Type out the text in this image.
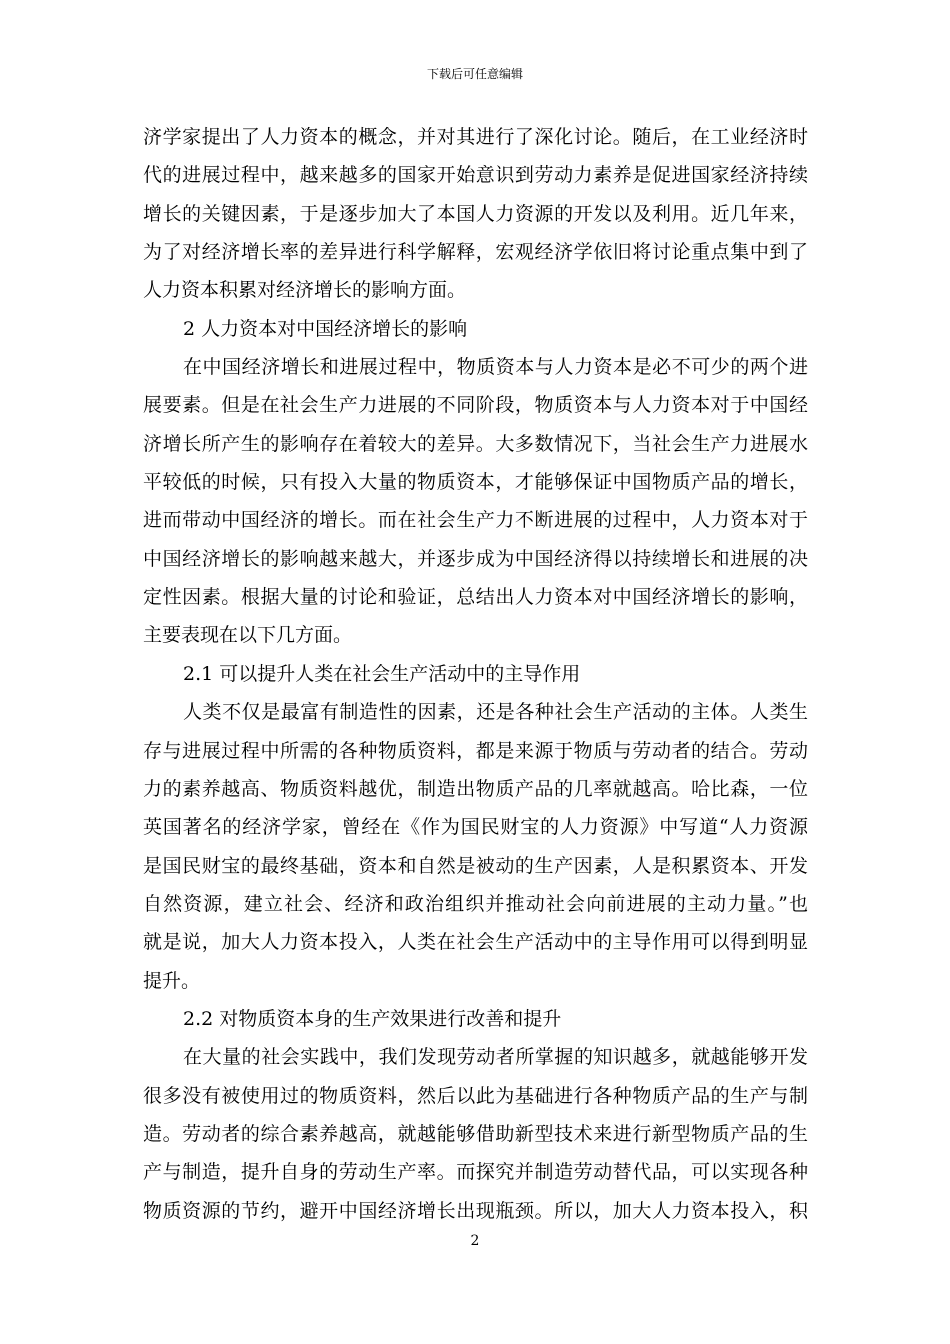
下载后可任意编辑
济学家提出了人力资本的概念，并对其进行了深化讨论。随后，在工业经济时
代的进展过程中，越来越多的国家开始意识到劳动力素养是促进国家经济持续
增长的关键因素，于是逐步加大了本国人力资源的开发以及利用。近几年来，
为了对经济增长率的差异进行科学解释，宏观经济学依旧将讨论重点集中到了
人力资本积累对经济增长的影响方面。
2 人力资本对中国经济增长的影响
在中国经济增长和进展过程中，物质资本与人力资本是必不可少的两个进
展要素。但是在社会生产力进展的不同阶段，物质资本与人力资本对于中国经
济增长所产生的影响存在着较大的差异。大多数情况下，当社会生产力进展水
平较低的时候，只有投入大量的物质资本，才能够保证中国物质产品的增长，
进而带动中国经济的增长。而在社会生产力不断进展的过程中，人力资本对于
中国经济增长的影响越来越大，并逐步成为中国经济得以持续增长和进展的决
定性因素。根据大量的讨论和验证，总结出人力资本对中国经济增长的影响，
主要表现在以下几方面。
2.1 可以提升人类在社会生产活动中的主导作用
人类不仅是最富有制造性的因素，还是各种社会生产活动的主体。人类生
存与进展过程中所需的各种物质资料，都是来源于物质与劳动者的结合。劳动
力的素养越高、物质资料越优，制造出物质产品的几率就越高。哈比森，一位
英国著名的经济学家，曾经在《作为国民财宝的人力资源》中写道“人力资源
是国民财宝的最终基础，资本和自然是被动的生产因素，人是积累资本、开发
自然资源，建立社会、经济和政治组织并推动社会向前进展的主动力量。”也
就是说，加大人力资本投入，人类在社会生产活动中的主导作用可以得到明显
提升。
2.2 对物质资本身的生产效果进行改善和提升
在大量的社会实践中，我们发现劳动者所掌握的知识越多，就越能够开发
很多没有被使用过的物质资料，然后以此为基础进行各种物质产品的生产与制
造。劳动者的综合素养越高，就越能够借助新型技术来进行新型物质产品的生
产与制造，提升自身的劳动生产率。而探究并制造劳动替代品，可以实现各种
物质资源的节约，避开中国经济增长出现瓶颈。所以，加大人力资本投入，积
2
